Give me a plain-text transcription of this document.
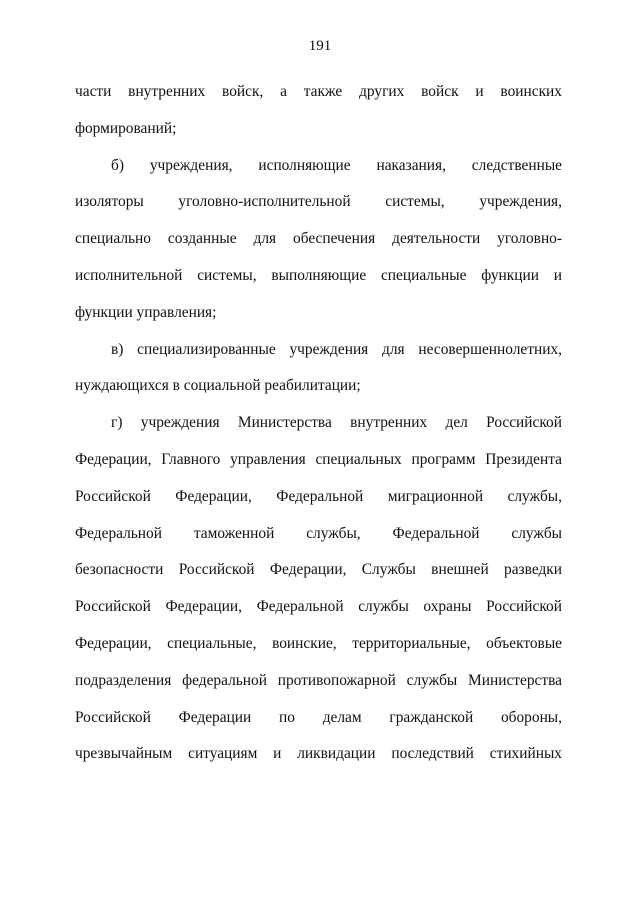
191
части внутренних войск, а также других войск и воинских
формирований;
б) учреждения, исполняющие наказания, следственные
изоляторы уголовно-исполнительной системы, учреждения,
специально созданные для обеспечения деятельности уголовно-
исполнительной системы, выполняющие специальные функции и
функции управления;
в) специализированные учреждения для несовершеннолетних,
нуждающихся в социальной реабилитации;
г) учреждения Министерства внутренних дел Российской
Федерации, Главного управления специальных программ Президента
Российской Федерации, Федеральной миграционной службы,
Федеральной таможенной службы, Федеральной службы
безопасности Российской Федерации, Службы внешней разведки
Российской Федерации, Федеральной службы охраны Российской
Федерации, специальные, воинские, территориальные, объектовые
подразделения федеральной противопожарной службы Министерства
Российской Федерации по делам гражданской обороны,
чрезвычайным ситуациям и ликвидации последствий стихийных
